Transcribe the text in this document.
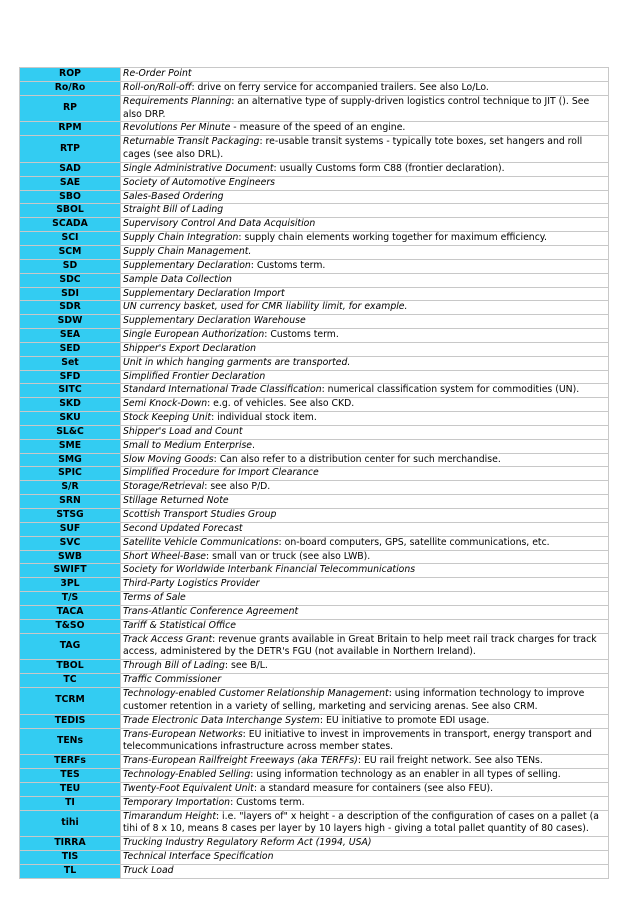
ROP	Re-Order Point
Ro/Ro	Roll-on/Roll-off: drive on ferry service for accompanied trailers. See also Lo/Lo.
RP	Requirements Planning: an alternative type of supply-driven logistics control technique to JIT (). See also DRP.
RPM	Revolutions Per Minute - measure of the speed of an engine.
RTP	Returnable Transit Packaging: re-usable transit systems - typically tote boxes, set hangers and roll cages (see also DRL).
SAD	Single Administrative Document: usually Customs form C88 (frontier declaration).
SAE	Society of Automotive Engineers
SBO	Sales-Based Ordering
SBOL	Straight Bill of Lading
SCADA	Supervisory Control And Data Acquisition
SCI	Supply Chain Integration: supply chain elements working together for maximum efficiency.
SCM	Supply Chain Management.
SD	Supplementary Declaration: Customs term.
SDC	Sample Data Collection
SDI	Supplementary Declaration Import
SDR	UN currency basket, used for CMR liability limit, for example.
SDW	Supplementary Declaration Warehouse
SEA	Single European Authorization: Customs term.
SED	Shipper's Export Declaration
Set	Unit in which hanging garments are transported.
SFD	Simplified Frontier Declaration
SITC	Standard International Trade Classification: numerical classification system for commodities (UN).
SKD	Semi Knock-Down: e.g. of vehicles. See also CKD.
SKU	Stock Keeping Unit: individual stock item.
SL&C	Shipper's Load and Count
SME	Small to Medium Enterprise.
SMG	Slow Moving Goods: Can also refer to a distribution center for such merchandise.
SPIC	Simplified Procedure for Import Clearance
S/R	Storage/Retrieval: see also P/D.
SRN	Stillage Returned Note
STSG	Scottish Transport Studies Group
SUF	Second Updated Forecast
SVC	Satellite Vehicle Communications: on-board computers, GPS, satellite communications, etc.
SWB	Short Wheel-Base: small van or truck (see also LWB).
SWIFT	Society for Worldwide Interbank Financial Telecommunications
3PL	Third-Party Logistics Provider
T/S	Terms of Sale
TACA	Trans-Atlantic Conference Agreement
T&SO	Tariff & Statistical Office
TAG	Track Access Grant: revenue grants available in Great Britain to help meet rail track charges for track access, administered by the DETR's FGU (not available in Northern Ireland).
TBOL	Through Bill of Lading: see B/L.
TC	Traffic Commissioner
TCRM	Technology-enabled Customer Relationship Management: using information technology to improve customer retention in a variety of selling, marketing and servicing arenas. See also CRM.
TEDIS	Trade Electronic Data Interchange System: EU initiative to promote EDI usage.
TENs	Trans-European Networks: EU initiative to invest in improvements in transport, energy transport and telecommunications infrastructure across member states.
TERFs	Trans-European Railfreight Freeways (aka TERFFs): EU rail freight network. See also TENs.
TES	Technology-Enabled Selling: using information technology as an enabler in all types of selling.
TEU	Twenty-Foot Equivalent Unit: a standard measure for containers (see also FEU).
TI	Temporary Importation: Customs term.
tihi	Timarandum Height: i.e. "layers of" x height - a description of the configuration of cases on a pallet (a tihi of 8 x 10, means 8 cases per layer by 10 layers high - giving a total pallet quantity of 80 cases).
TIRRA	Trucking Industry Regulatory Reform Act (1994, USA)
TIS	Technical Interface Specification
TL	Truck Load
